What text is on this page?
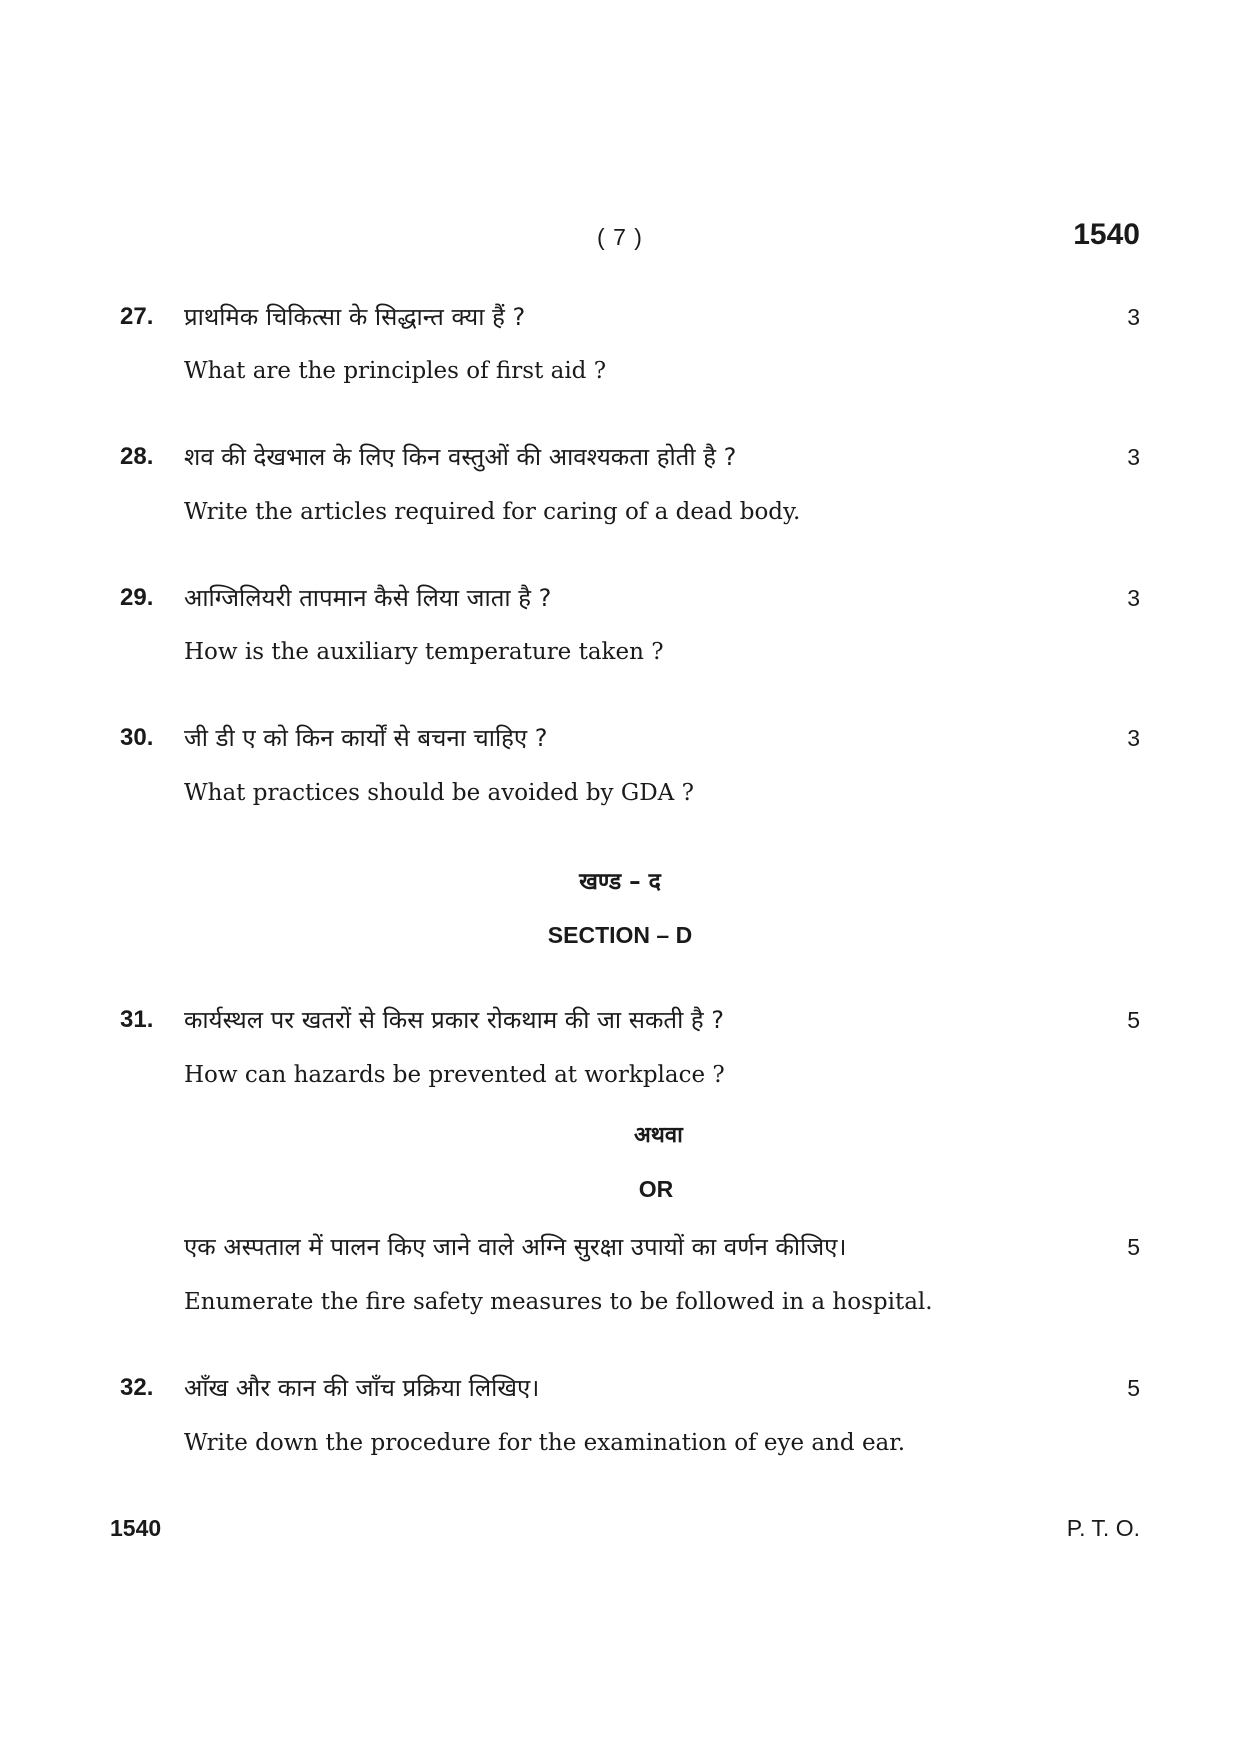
( 7 )	1540
27. प्राथमिक चिकित्सा के सिद्धान्त क्या हैं ?	3
What are the principles of first aid ?
28. शव की देखभाल के लिए किन वस्तुओं की आवश्यकता होती है ?	3
Write the articles required for caring of a dead body.
29. आग्जिलियरी तापमान कैसे लिया जाता है ?	3
How is the auxiliary temperature taken ?
30. जी डी ए को किन कार्यों से बचना चाहिए ?	3
What practices should be avoided by GDA ?
खण्ड – द
SECTION – D
31. कार्यस्थल पर खतरों से किस प्रकार रोकथाम की जा सकती है ?	5
How can hazards be prevented at workplace ?
अथवा
OR
एक अस्पताल में पालन किए जाने वाले अग्नि सुरक्षा उपायों का वर्णन कीजिए।	5
Enumerate the fire safety measures to be followed in a hospital.
32. आँख और कान की जाँच प्रक्रिया लिखिए।	5
Write down the procedure for the examination of eye and ear.
1540	P. T. O.
